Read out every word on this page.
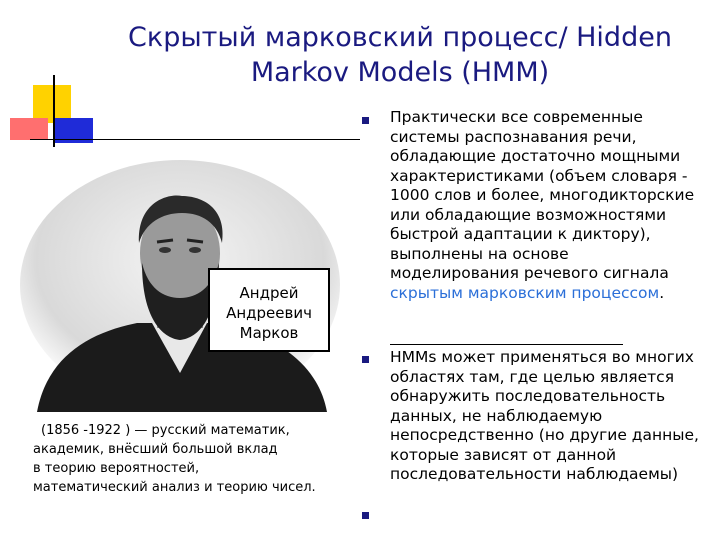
Скрытый марковский процесс/ Hidden
Markov Models (HMM)
Андрей
Андреевич
Марков
(1856 -1922 ) — русский математик,
академик, внёсший большой вклад
в теорию вероятностей,
математический анализ и теорию чисел.
Практически все современные
системы распознавания речи,
обладающие достаточно мощными
характеристиками (объем словаря -
1000 слов и более, многодикторские
или обладающие возможностями
быстрой адаптации к диктору),
выполнены на основе
моделирования речевого сигнала
скрытым марковским процессом.
HMMs может применяться во многих
областях там, где целью является
обнаружить последовательность
данных, не наблюдаемую
непосредственно (но другие данные,
которые зависят от данной
последовательности наблюдаемы)
